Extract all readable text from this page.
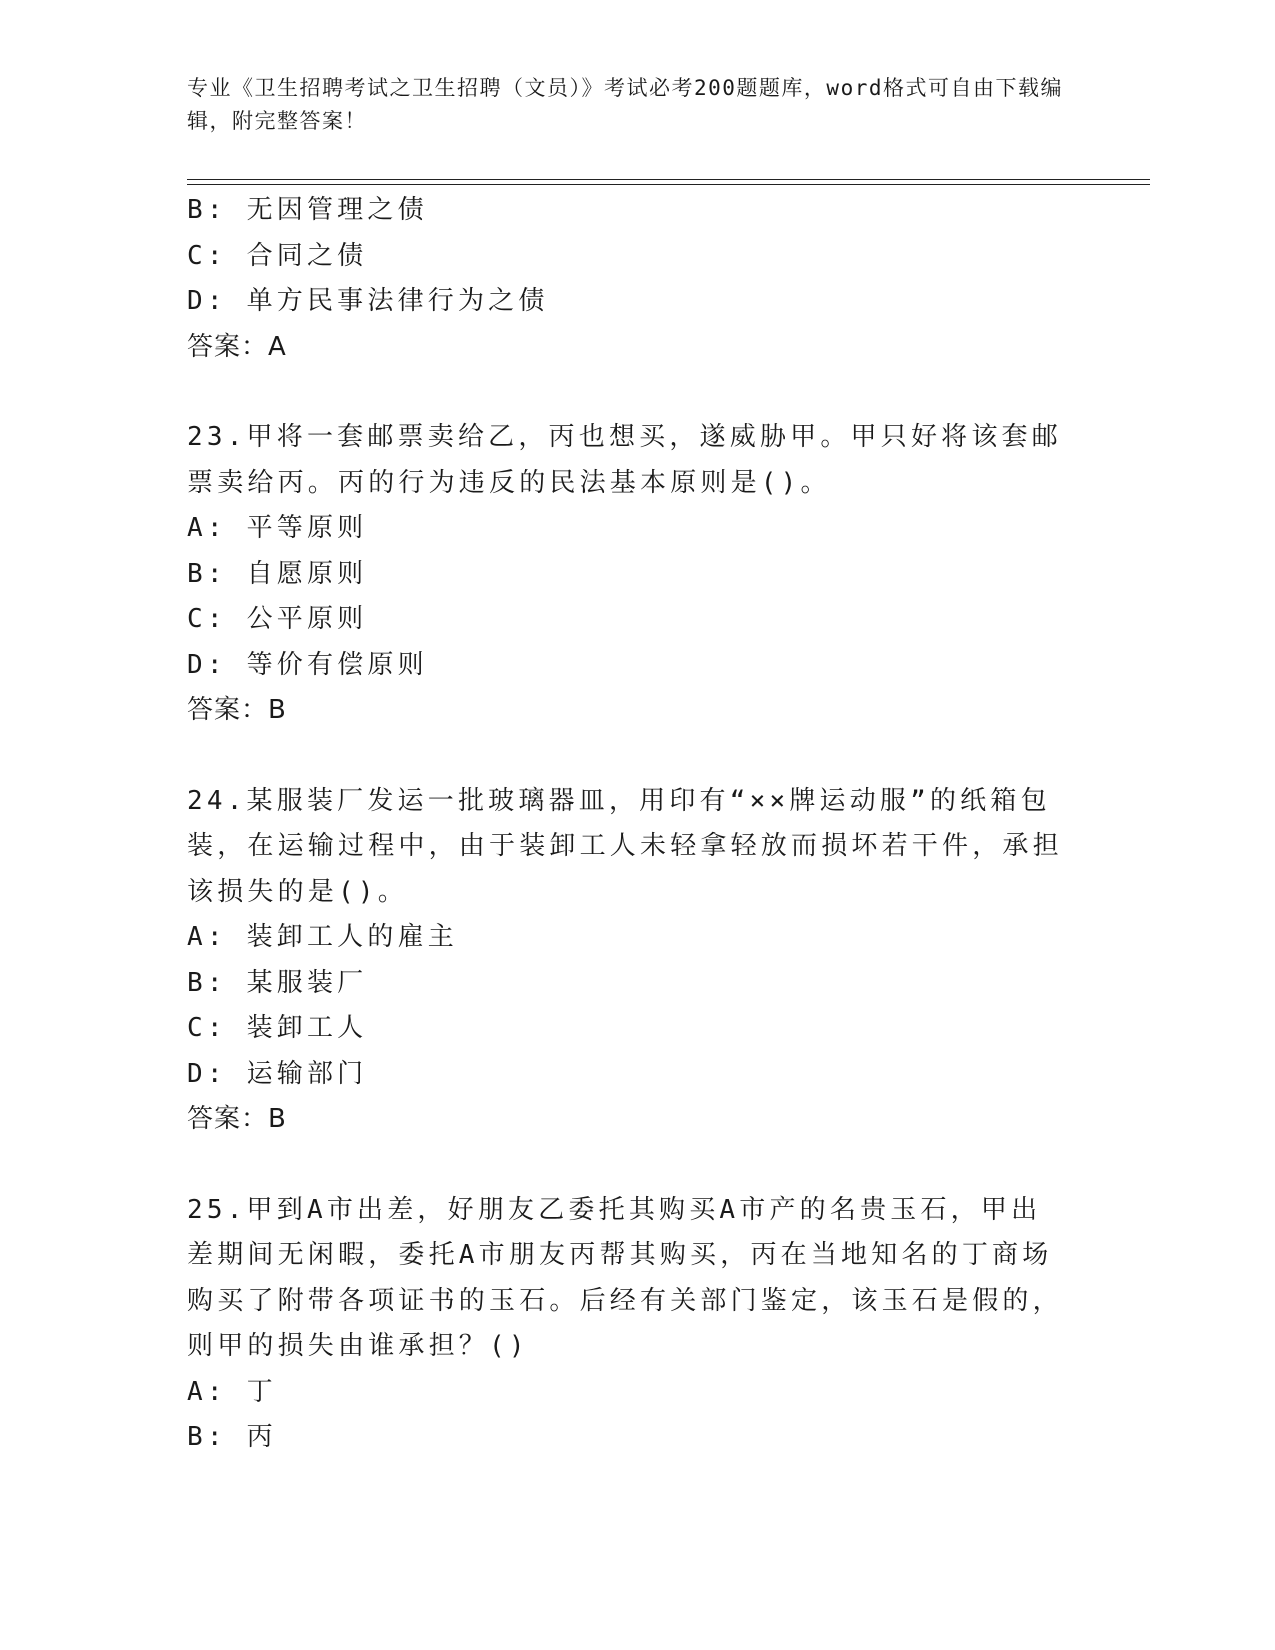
专业《卫生招聘考试之卫生招聘（文员）》考试必考200题题库，word格式可自由下载编辑，附完整答案！
B: 无因管理之债
C: 合同之债
D: 单方民事法律行为之债
答案：A
23.甲将一套邮票卖给乙，丙也想买，遂威胁甲。甲只好将该套邮票卖给丙。丙的行为违反的民法基本原则是()。
A: 平等原则
B: 自愿原则
C: 公平原则
D: 等价有偿原则
答案：B
24.某服装厂发运一批玻璃器皿，用印有“××牌运动服”的纸箱包装，在运输过程中，由于装卸工人未轻拿轻放而损坏若干件，承担该损失的是()。
A: 装卸工人的雇主
B: 某服装厂
C: 装卸工人
D: 运输部门
答案：B
25.甲到A市出差，好朋友乙委托其购买A市产的名贵玉石，甲出差期间无闲暇，委托A市朋友丙帮其购买，丙在当地知名的丁商场购买了附带各项证书的玉石。后经有关部门鉴定，该玉石是假的，则甲的损失由谁承担？()
A: 丁
B: 丙
